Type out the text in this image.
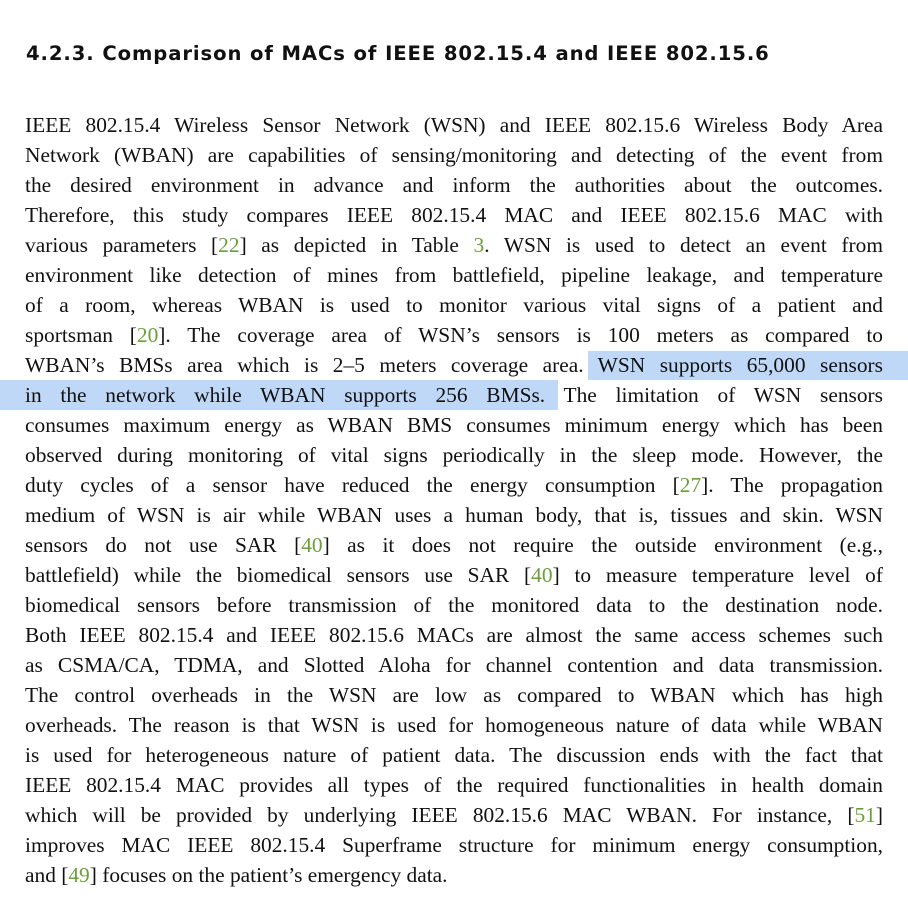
4.2.3. Comparison of MACs of IEEE 802.15.4 and IEEE 802.15.6
IEEE 802.15.4 Wireless Sensor Network (WSN) and IEEE 802.15.6 Wireless Body Area
Network (WBAN) are capabilities of sensing/monitoring and detecting of the event from
the desired environment in advance and inform the authorities about the outcomes.
Therefore, this study compares IEEE 802.15.4 MAC and IEEE 802.15.6 MAC with
various parameters [22] as depicted in Table 3. WSN is used to detect an event from
environment like detection of mines from battlefield, pipeline leakage, and temperature
of a room, whereas WBAN is used to monitor various vital signs of a patient and
sportsman [20]. The coverage area of WSN’s sensors is 100 meters as compared to
WBAN’s BMSs area which is 2–5 meters coverage area. WSN supports 65,000 sensors
in the network while WBAN supports 256 BMSs. The limitation of WSN sensors
consumes maximum energy as WBAN BMS consumes minimum energy which has been
observed during monitoring of vital signs periodically in the sleep mode. However, the
duty cycles of a sensor have reduced the energy consumption [27]. The propagation
medium of WSN is air while WBAN uses a human body, that is, tissues and skin. WSN
sensors do not use SAR [40] as it does not require the outside environment (e.g.,
battlefield) while the biomedical sensors use SAR [40] to measure temperature level of
biomedical sensors before transmission of the monitored data to the destination node.
Both IEEE 802.15.4 and IEEE 802.15.6 MACs are almost the same access schemes such
as CSMA/CA, TDMA, and Slotted Aloha for channel contention and data transmission.
The control overheads in the WSN are low as compared to WBAN which has high
overheads. The reason is that WSN is used for homogeneous nature of data while WBAN
is used for heterogeneous nature of patient data. The discussion ends with the fact that
IEEE 802.15.4 MAC provides all types of the required functionalities in health domain
which will be provided by underlying IEEE 802.15.6 MAC WBAN. For instance, [51]
improves MAC IEEE 802.15.4 Superframe structure for minimum energy consumption,
and [49] focuses on the patient’s emergency data.
